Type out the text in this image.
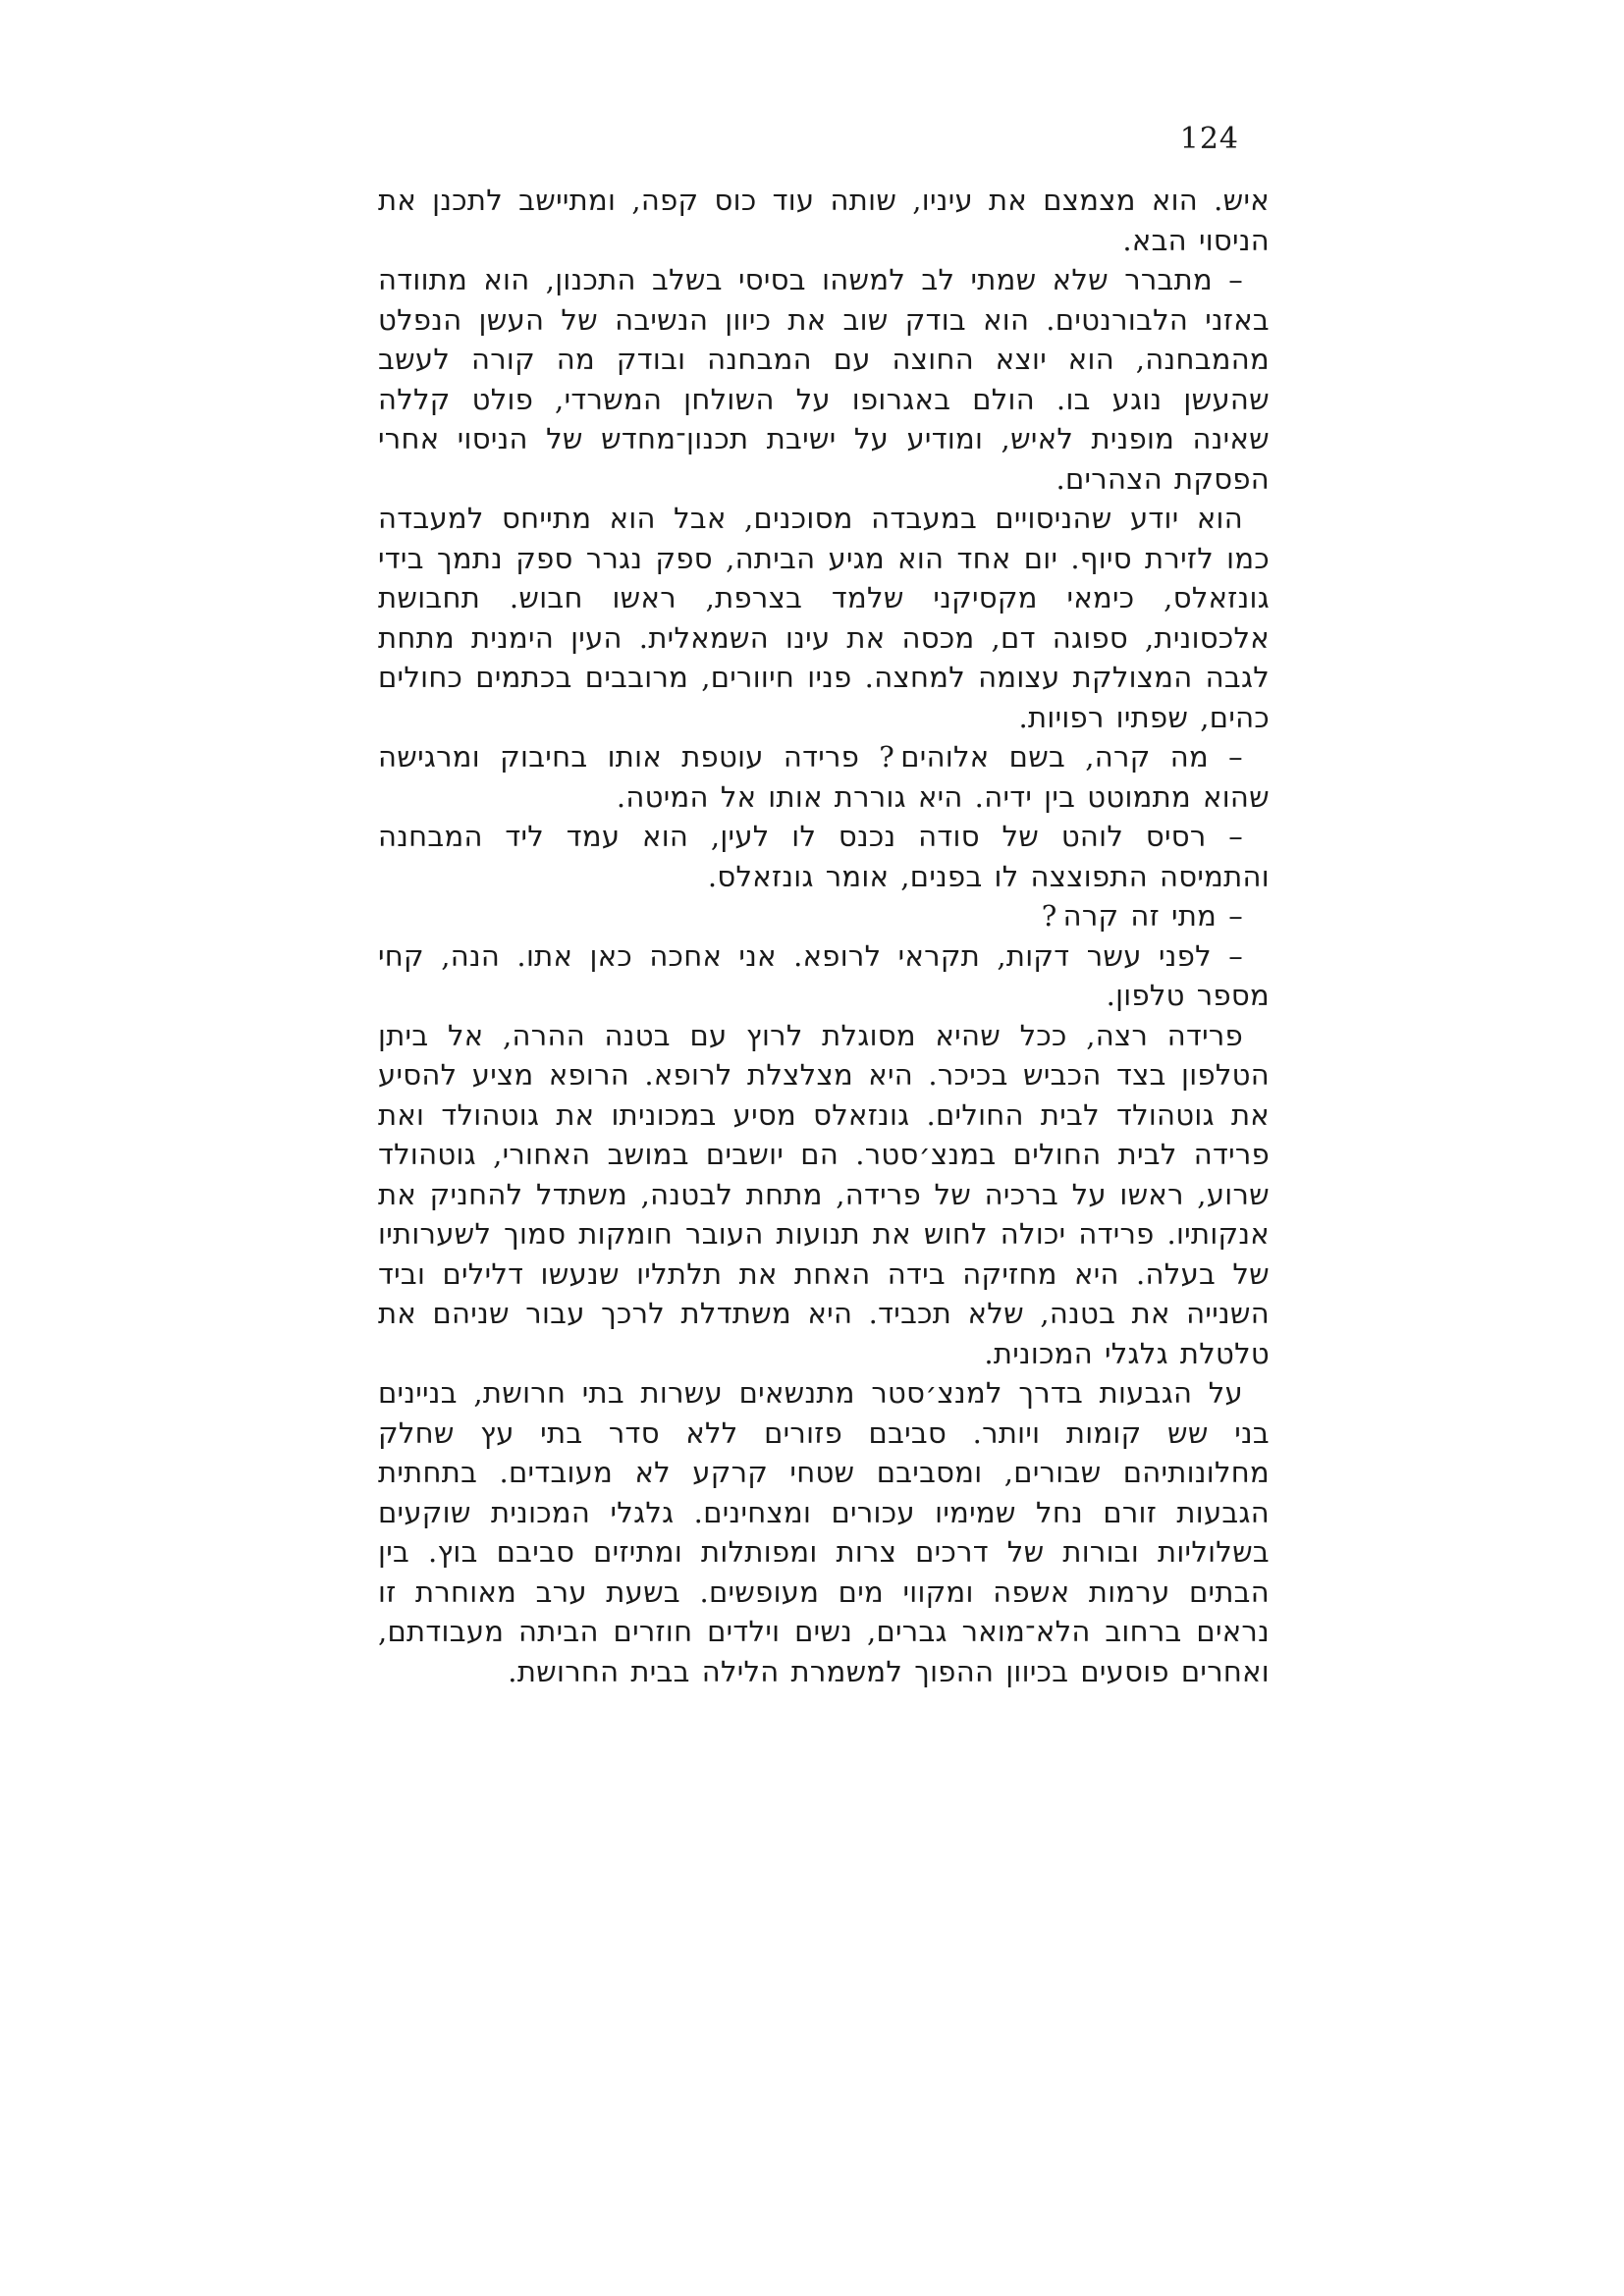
124

איש. הוא מצמצם את עיניו, שותה עוד כוס קפה, ומתיישב לתכנן את הניסוי הבא.

– מתברר שלא שמתי לב למשהו בסיסי בשלב התכנון, הוא מתוודה באזני הלבורנטים. הוא בודק שוב את כיוון הנשיבה של העשן הנפלט מהמבחנה, הוא יוצא החוצה עם המבחנה ובודק מה קורה לעשב שהעשן נוגע בו. הולם באגרופו על השולחן המשרדי, פולט קללה שאינה מופנית לאיש, ומודיע על ישיבת תכנון־מחדש של הניסוי אחרי הפסקת הצהרים.

הוא יודע שהניסויים במעבדה מסוכנים, אבל הוא מתייחס למעבדה כמו לזירת סיוף. יום אחד הוא מגיע הביתה, ספק נגרר ספק נתמך בידי גונזאלס, כימאי מקסיקני שלמד בצרפת, ראשו חבוש. תחבושת אלכסונית, ספוגה דם, מכסה את עינו השמאלית. העין הימנית מתחת לגבה המצולקת עצומה למחצה. פניו חיוורים, מרובבים בכתמים כחולים כהים, שפתיו רפויות.

– מה קרה, בשם אלוהים ? פרידה עוטפת אותו בחיבוק ומרגישה שהוא מתמוטט בין ידיה. היא גוררת אותו אל המיטה.

– רסיס לוהט של סודה נכנס לו לעין, הוא עמד ליד המבחנה והתמיסה התפוצצה לו בפנים, אומר גונזאלס.

– מתי זה קרה ?

– לפני עשר דקות, תקראי לרופא. אני אחכה כאן אתו. הנה, קחי מספר טלפון.

פרידה רצה, ככל שהיא מסוגלת לרוץ עם בטנה ההרה, אל ביתן הטלפון בצד הכביש בכיכר. היא מצלצלת לרופא. הרופא מציע להסיע את גוטהולד לבית החולים. גונזאלס מסיע במכוניתו את גוטהולד ואת פרידה לבית החולים במנצ׳סטר. הם יושבים במושב האחורי, גוטהולד שרוע, ראשו על ברכיה של פרידה, מתחת לבטנה, משתדל להחניק את אנקותיו. פרידה יכולה לחוש את תנועות העובר חומקות סמוך לשערותיו של בעלה. היא מחזיקה בידה האחת את תלתליו שנעשו דלילים וביד השנייה את בטנה, שלא תכביד. היא משתדלת לרכך עבור שניהם את טלטלת גלגלי המכונית.

על הגבעות בדרך למנצ׳סטר מתנשאים עשרות בתי חרושת, בניינים בני שש קומות ויותר. סביבם פזורים ללא סדר בתי עץ שחלק מחלונותיהם שבורים, ומסביבם שטחי קרקע לא מעובדים. בתחתית הגבעות זורם נחל שמימיו עכורים ומצחינים. גלגלי המכונית שוקעים בשלוליות ובורות של דרכים צרות ומפותלות ומתיזים סביבם בוץ. בין הבתים ערמות אשפה ומקווי מים מעופשים. בשעת ערב מאוחרת זו נראים ברחוב הלא־מואר גברים, נשים וילדים חוזרים הביתה מעבודתם, ואחרים פוסעים בכיוון ההפוך למשמרת הלילה בבית החרושת.
